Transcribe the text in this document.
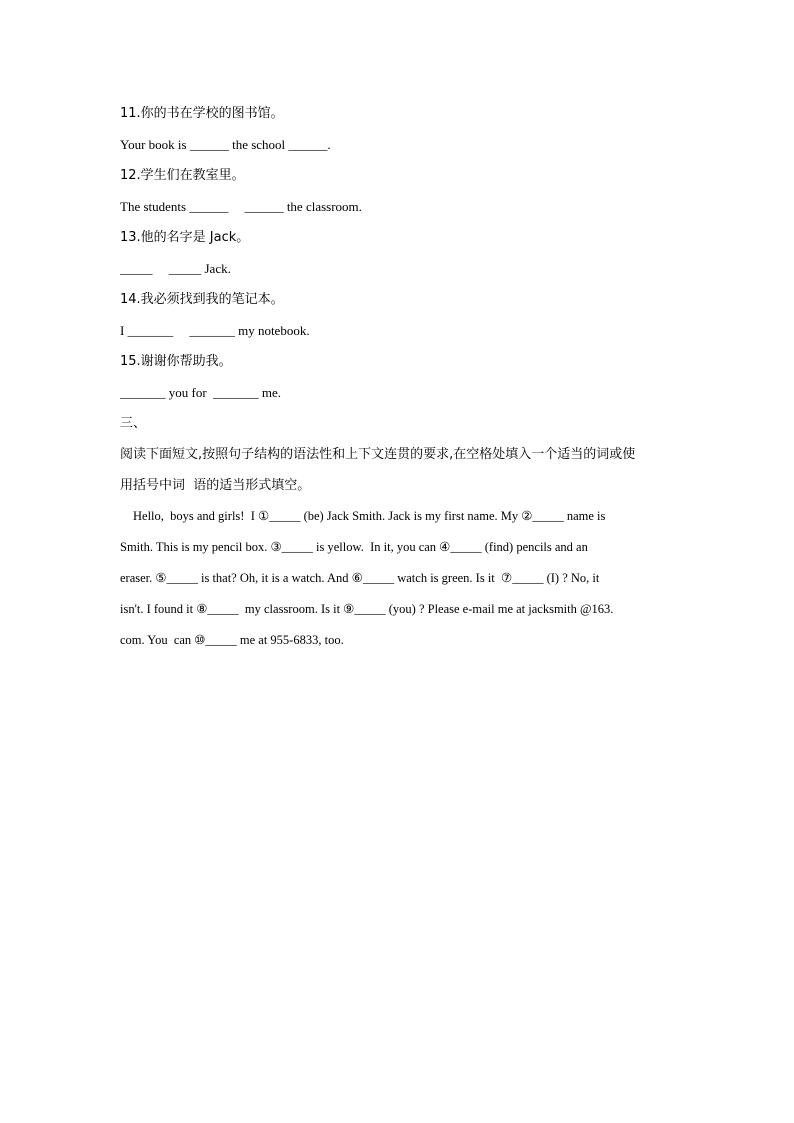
11.你的书在学校的图书馆。
Your book is ______ the school ______.
12.学生们在教室里。
The students ______     ______ the classroom.
13.他的名字是 Jack。
_____     _____ Jack.
14.我必须找到我的笔记本。
I _______     _______ my notebook.
15.谢谢你帮助我。
_______ you for  _______ me.
三、
阅读下面短文,按照句子结构的语法性和上下文连贯的要求,在空格处填入一个适当的词或使
用括号中词  语的适当形式填空。
Hello,  boys and girls!  I ①_____ (be) Jack Smith. Jack is my first name. My ②_____ name is
Smith. This is my pencil box. ③_____ is yellow.  In it, you can ④_____ (find) pencils and an
eraser. ⑤_____ is that? Oh, it is a watch. And ⑥_____ watch is green. Is it  ⑦_____ (I) ? No, it
isn't. I found it ⑧_____  my classroom. Is it ⑨_____ (you) ? Please e-mail me at jacksmith @163.
com. You  can ⑩_____ me at 955-6833, too.
